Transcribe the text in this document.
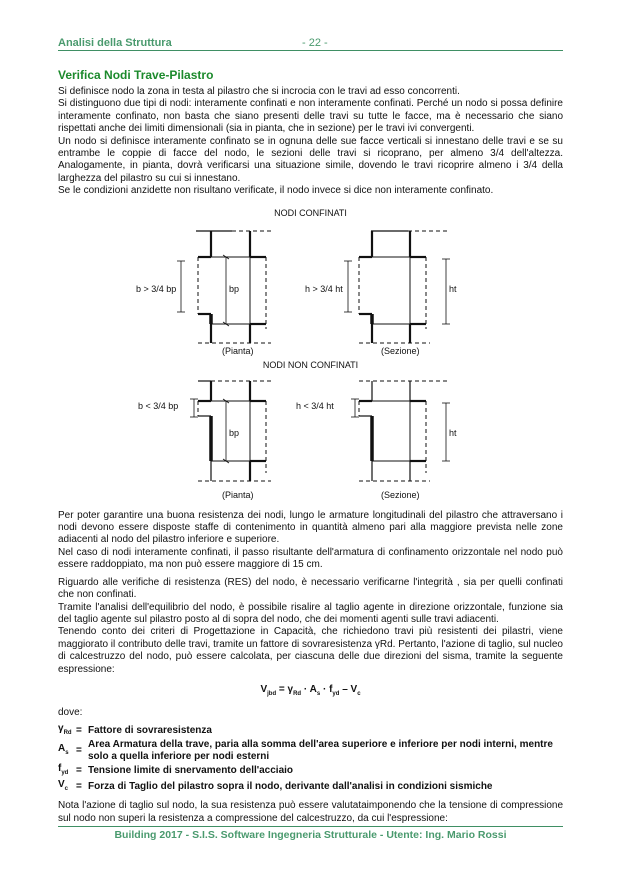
Analisi della Struttura	- 22 -
Verifica Nodi Trave-Pilastro

Si definisce nodo la zona in testa al pilastro che si incrocia con le travi ad esso concorrenti.

Si distinguono due tipi di nodi: interamente confinati e non interamente confinati. Perché un nodo si possa definire interamente confinato, non basta che siano presenti delle travi su tutte le facce, ma è necessario che siano rispettati anche dei limiti dimensionali (sia in pianta, che in sezione) per le travi ivi convergenti.

Un nodo si definisce interamente confinato se in ognuna delle sue facce verticali si innestano delle travi e se su entrambe le coppie di facce del nodo, le sezioni delle travi si ricoprano, per almeno 3/4 dell'altezza. Analogamente, in pianta, dovrà verificarsi una situazione simile, dovendo le travi ricoprire almeno i 3/4 della larghezza del pilastro su cui si innestano.

Se le condizioni anzidette non risultano verificate, il nodo invece si dice non interamente confinato.

NODI CONFINATI
b > 3/4 bp	bp	h > 3/4 ht	ht
(Pianta)	(Sezione)
NODI NON CONFINATI
b < 3/4 bp
bp
h < 3/4 ht
ht
(Pianta)	(Sezione)

Per poter garantire una buona resistenza dei nodi, lungo le armature longitudinali del pilastro che attraversano i nodi devono essere disposte staffe di contenimento in quantità almeno pari alla maggiore prevista nelle zone adiacenti al nodo del pilastro inferiore e superiore.

Nel caso di nodi interamente confinati, il passo risultante dell'armatura di confinamento orizzontale nel nodo può essere raddoppiato, ma non può essere maggiore di 15 cm.

Riguardo alle verifiche di resistenza (RES) del nodo, è necessario verificarne l'integrità , sia per quelli confinati che non confinati.

Tramite l'analisi dell'equilibrio del nodo, è possibile risalire al taglio agente in direzione orizzontale, funzione sia del taglio agente sul pilastro posto al di sopra del nodo, che dei momenti agenti sulle travi adiacenti.

Tenendo conto dei criteri di Progettazione in Capacità, che richiedono travi più resistenti dei pilastri, viene maggiorato il contributo delle travi, tramite un fattore di sovraresistenza γRd. Pertanto, l'azione di taglio, sul nucleo di calcestruzzo del nodo, può essere calcolata, per ciascuna delle due direzioni del sisma, tramite la seguente espressione:

$V_{jbd} = \gamma_{Rd} \cdot A_s \cdot f_{yd} - V_c$

dove:

$\gamma_{Rd}$ = Fattore di sovraresistenza
$A_s$ =
Area Armatura della trave, paria alla somma dell'area superiore e inferiore per nodi interni, mentre solo a quella inferiore per nodi esterni
$f_{yd}$ = Tensione limite di snervamento dell'acciaio
$V_c$ = Forza di Taglio del pilastro sopra il nodo, derivante dall'analisi in condizioni sismiche

Nota l'azione di taglio sul nodo, la sua resistenza può essere valutataimponendo che la tensione di compressione sul nodo non superi la resistenza a compressione del calcestruzzo, da cui l'espressione:

Building 2017 - S.I.S. Software Ingegneria Strutturale - Utente: Ing. Mario Rossi
